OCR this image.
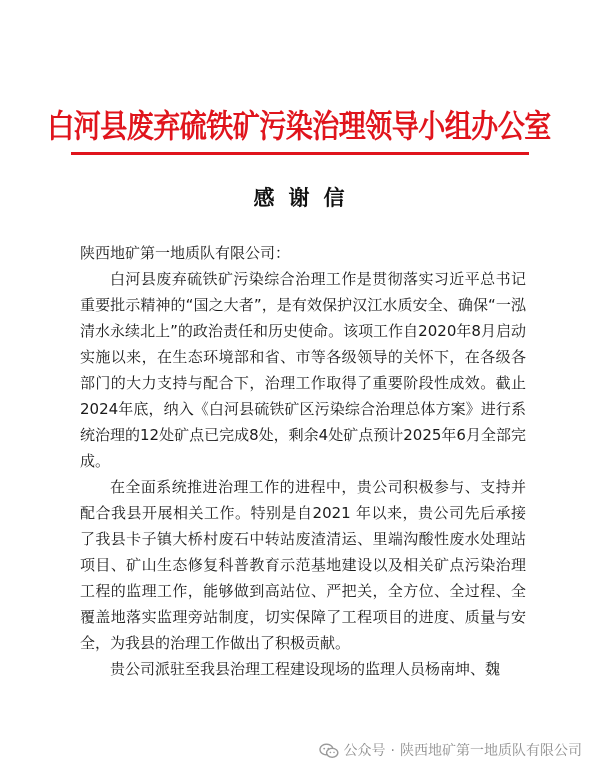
白河县废弃硫铁矿污染治理领导小组办公室
感谢信

陕西地矿第一地质队有限公司：

白河县废弃硫铁矿污染综合治理工作是贯彻落实习近平总书记重要批示精神的“国之大者”，是有效保护汉江水质安全、确保“一泓清水永续北上”的政治责任和历史使命。该项工作自2020年8月启动实施以来，在生态环境部和省、市等各级领导的关怀下，在各级各部门的大力支持与配合下，治理工作取得了重要阶段性成效。截止2024年底，纳入《白河县硫铁矿区污染综合治理总体方案》进行系统治理的12处矿点已完成8处，剩余4处矿点预计2025年6月全部完成。

在全面系统推进治理工作的进程中，贵公司积极参与、支持并配合我县开展相关工作。特别是自2021 年以来，贵公司先后承接了我县卡子镇大桥村废石中转站废渣清运、里端沟酸性废水处理站项目、矿山生态修复科普教育示范基地建设以及相关矿点污染治理工程的监理工作，能够做到高站位、严把关，全方位、全过程、全覆盖地落实监理旁站制度，切实保障了工程项目的进度、质量与安全，为我县的治理工作做出了积极贡献。

贵公司派驻至我县治理工程建设现场的监理人员杨南坤、魏

公众号 · 陕西地矿第一地质队有限公司
